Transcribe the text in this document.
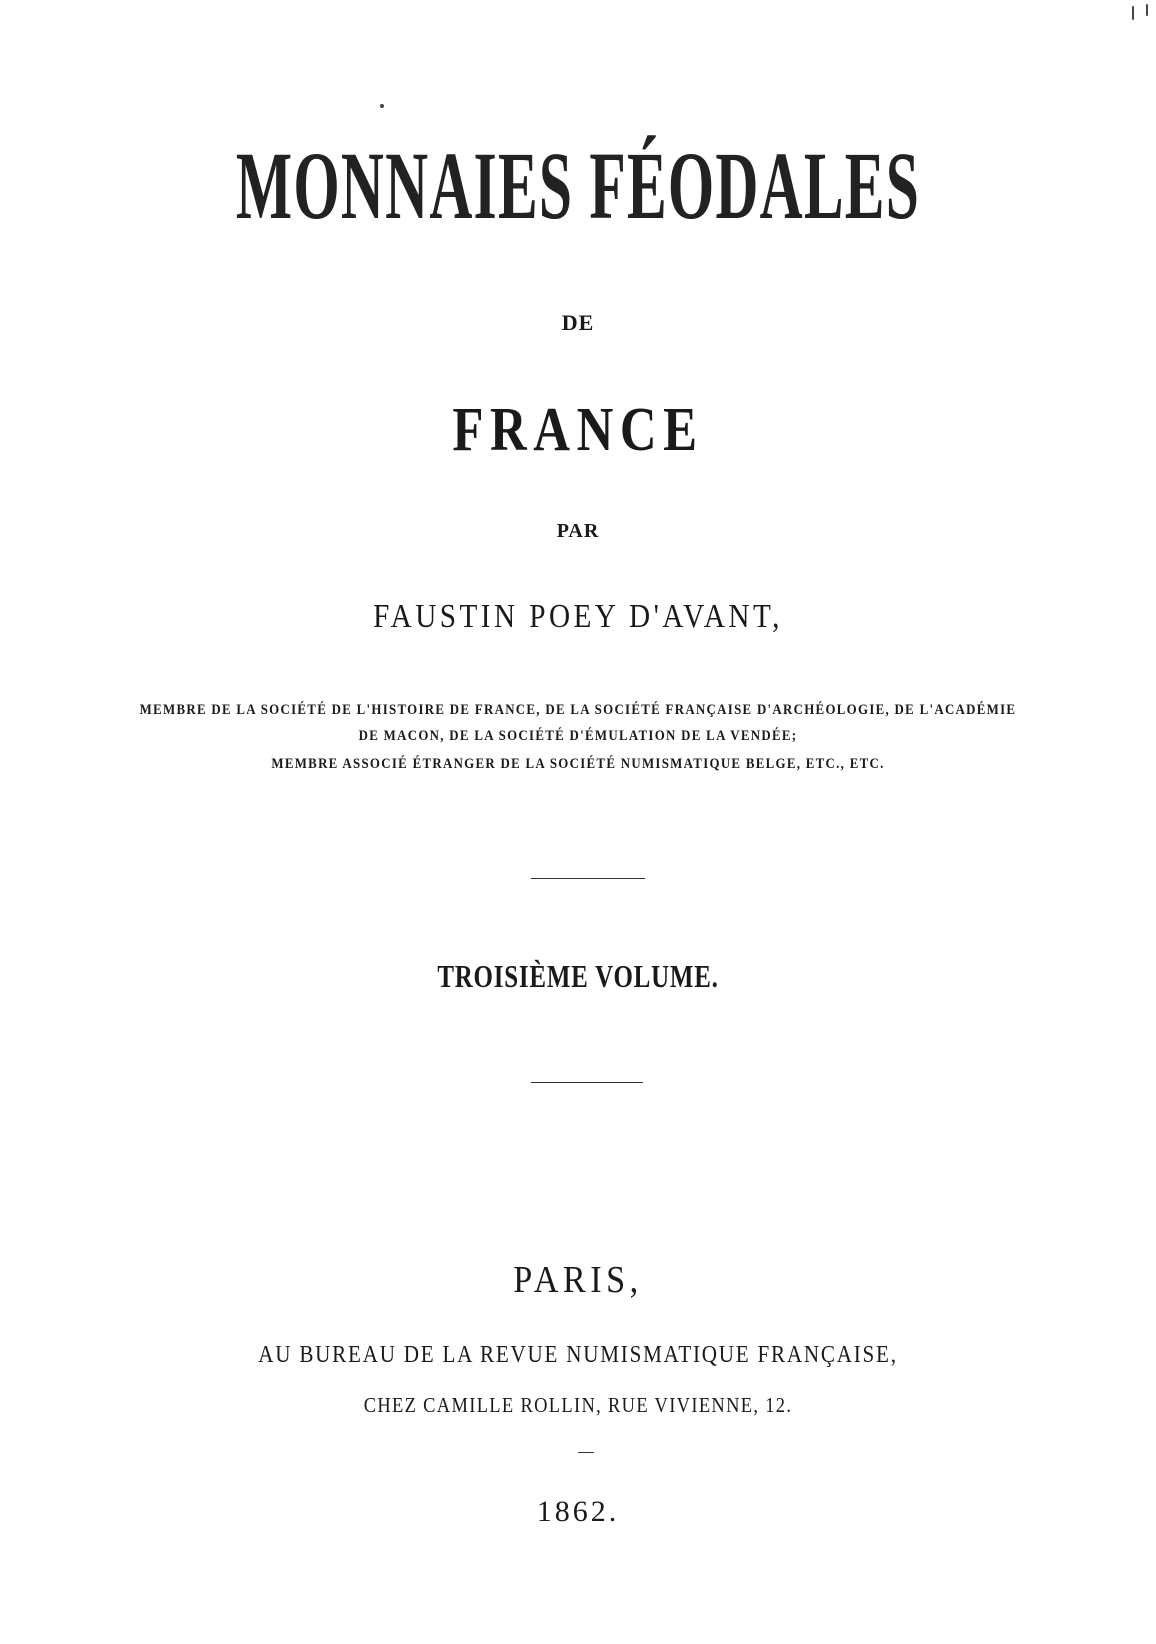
MONNAIES FÉODALES

DE

FRANCE

PAR

FAUSTIN POEY D'AVANT,

MEMBRE DE LA SOCIÉTÉ DE L'HISTOIRE DE FRANCE, DE LA SOCIÉTÉ FRANÇAISE D'ARCHÉOLOGIE, DE L'ACADÉMIE

DE MACON, DE LA SOCIÉTÉ D'ÉMULATION DE LA VENDÉE;

MEMBRE ASSOCIÉ ÉTRANGER DE LA SOCIÉTÉ NUMISMATIQUE BELGE, ETC., ETC.

TROISIÈME VOLUME.

PARIS,

AU BUREAU DE LA REVUE NUMISMATIQUE FRANÇAISE,

CHEZ CAMILLE ROLLIN, RUE VIVIENNE, 12.

1862.
